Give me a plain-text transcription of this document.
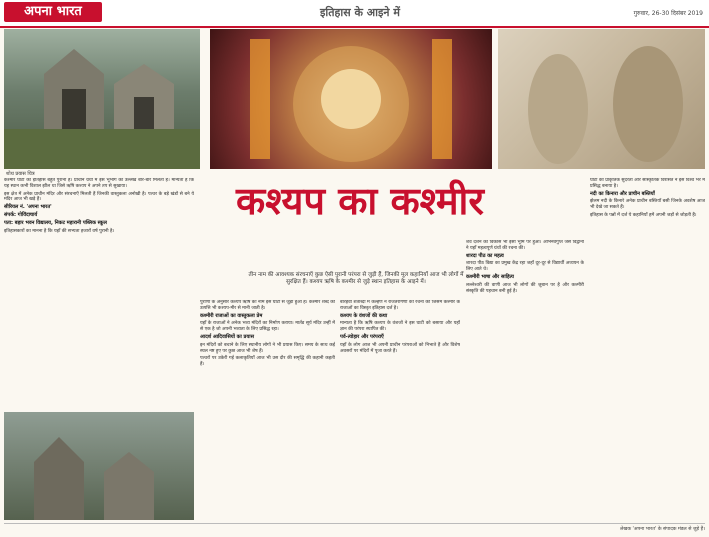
अपना भारत	इतिहास के आइने में	गुरुवार, 26-30 दिसंबर 2019
शोध प्रयास चित्र
कश्यप का कश्मीर

कश्मीर घाटी का इतिहास बहुत पुराना है। प्राचीन ग्रंथों में इस भूभाग का उल्लेख बार-बार मिलता है। मान्यता है कि यह स्थान कभी विशाल झील था जिसे ऋषि कश्यप ने अपने तप से सुखाया।

इस क्षेत्र में अनेक प्राचीन मंदिर और संरचनाएँ मिलती हैं जिनकी वास्तुकला अनोखी है। पत्थर के बड़े खंडों से बने ये मंदिर आज भी खड़े हैं।

सीरियल नं. 'अपना भारत'

संपर्क: गोविंदाचार्य

पता: बहार भवन विद्यालय, निकट महारानी पब्लिक स्कूल

इतिहासकारों का मानना है कि यहाँ की सभ्यता हजारों वर्ष पुरानी है।

तीन नाम की आवश्यक संरचनाएँ कुछ ऐसी पुरानी परंपरा से जुड़ी हैं, जिनकी मूल कहानियाँ आज भी लोगों में सुरक्षित हैं। कश्यप ऋषि के कश्मीर से जुड़े स्थान इतिहास के आइने में।

पुराणों के अनुसार कश्यप ऋषि का नाम इस घाटी से जुड़ा हुआ है। कश्मीर शब्द की उत्पत्ति भी कश्यप-मीर से मानी जाती है।

कश्मीरी राजाओं का वास्तुकला प्रेम

यहाँ के राजाओं ने अनेक भव्य मंदिरों का निर्माण कराया। मार्तंड सूर्य मंदिर उन्हीं में से एक है जो अपनी भव्यता के लिए प्रसिद्ध रहा।

आदर्श आदिवासियों का प्रयास

इन मंदिरों को बचाने के लिए स्थानीय लोगों ने भी प्रयास किए। समय के साथ कई स्थल नष्ट हुए पर कुछ आज भी शेष हैं।

पत्थरों पर उकेरी गई कलाकृतियाँ आज भी उस दौर की समृद्धि की कहानी कहती हैं।

बारहवीं शताब्दी में कल्हण ने राजतरंगिणी की रचना की जिसमें कश्मीर के राजाओं का विस्तृत इतिहास दर्ज है।

कश्यप के वंशजों की कथा

मान्यता है कि ऋषि कश्यप के वंशजों ने इस घाटी को बसाया और यहाँ ज्ञान की परंपरा स्थापित की।

पर्व-त्योहार और परंपराएँ

यहाँ के लोग आज भी अपनी प्राचीन परंपराओं को निभाते हैं और विशेष अवसरों पर मंदिरों में पूजा करते हैं।

शैव दर्शन का विकास भी इसी भूमि पर हुआ। अभिनवगुप्त जैसे विद्वानों ने यहाँ महत्वपूर्ण ग्रंथों की रचना की।

शारदा पीठ का महत्व

शारदा पीठ विद्या का प्रमुख केंद्र रहा जहाँ दूर-दूर से विद्यार्थी अध्ययन के लिए आते थे।

कश्मीरी भाषा और साहित्य

लल्लेश्वरी की वाणी आज भी लोगों की जुबान पर है और कश्मीरी संस्कृति की पहचान बनी हुई है।

घाटी की प्राकृतिक सुंदरता और सांस्कृतिक विरासत ने इसे विश्व भर में प्रसिद्ध बनाया है।

नदी का किनारा और प्राचीन बस्तियाँ

झेलम नदी के किनारे अनेक प्राचीन बस्तियाँ बसी जिनके अवशेष आज भी देखे जा सकते हैं।

इतिहास के पन्नों में दर्ज ये कहानियाँ हमें अपनी जड़ों से जोड़ती हैं।

लेखक 'अपना भारत' के संपादक मंडल से जुड़े हैं।
